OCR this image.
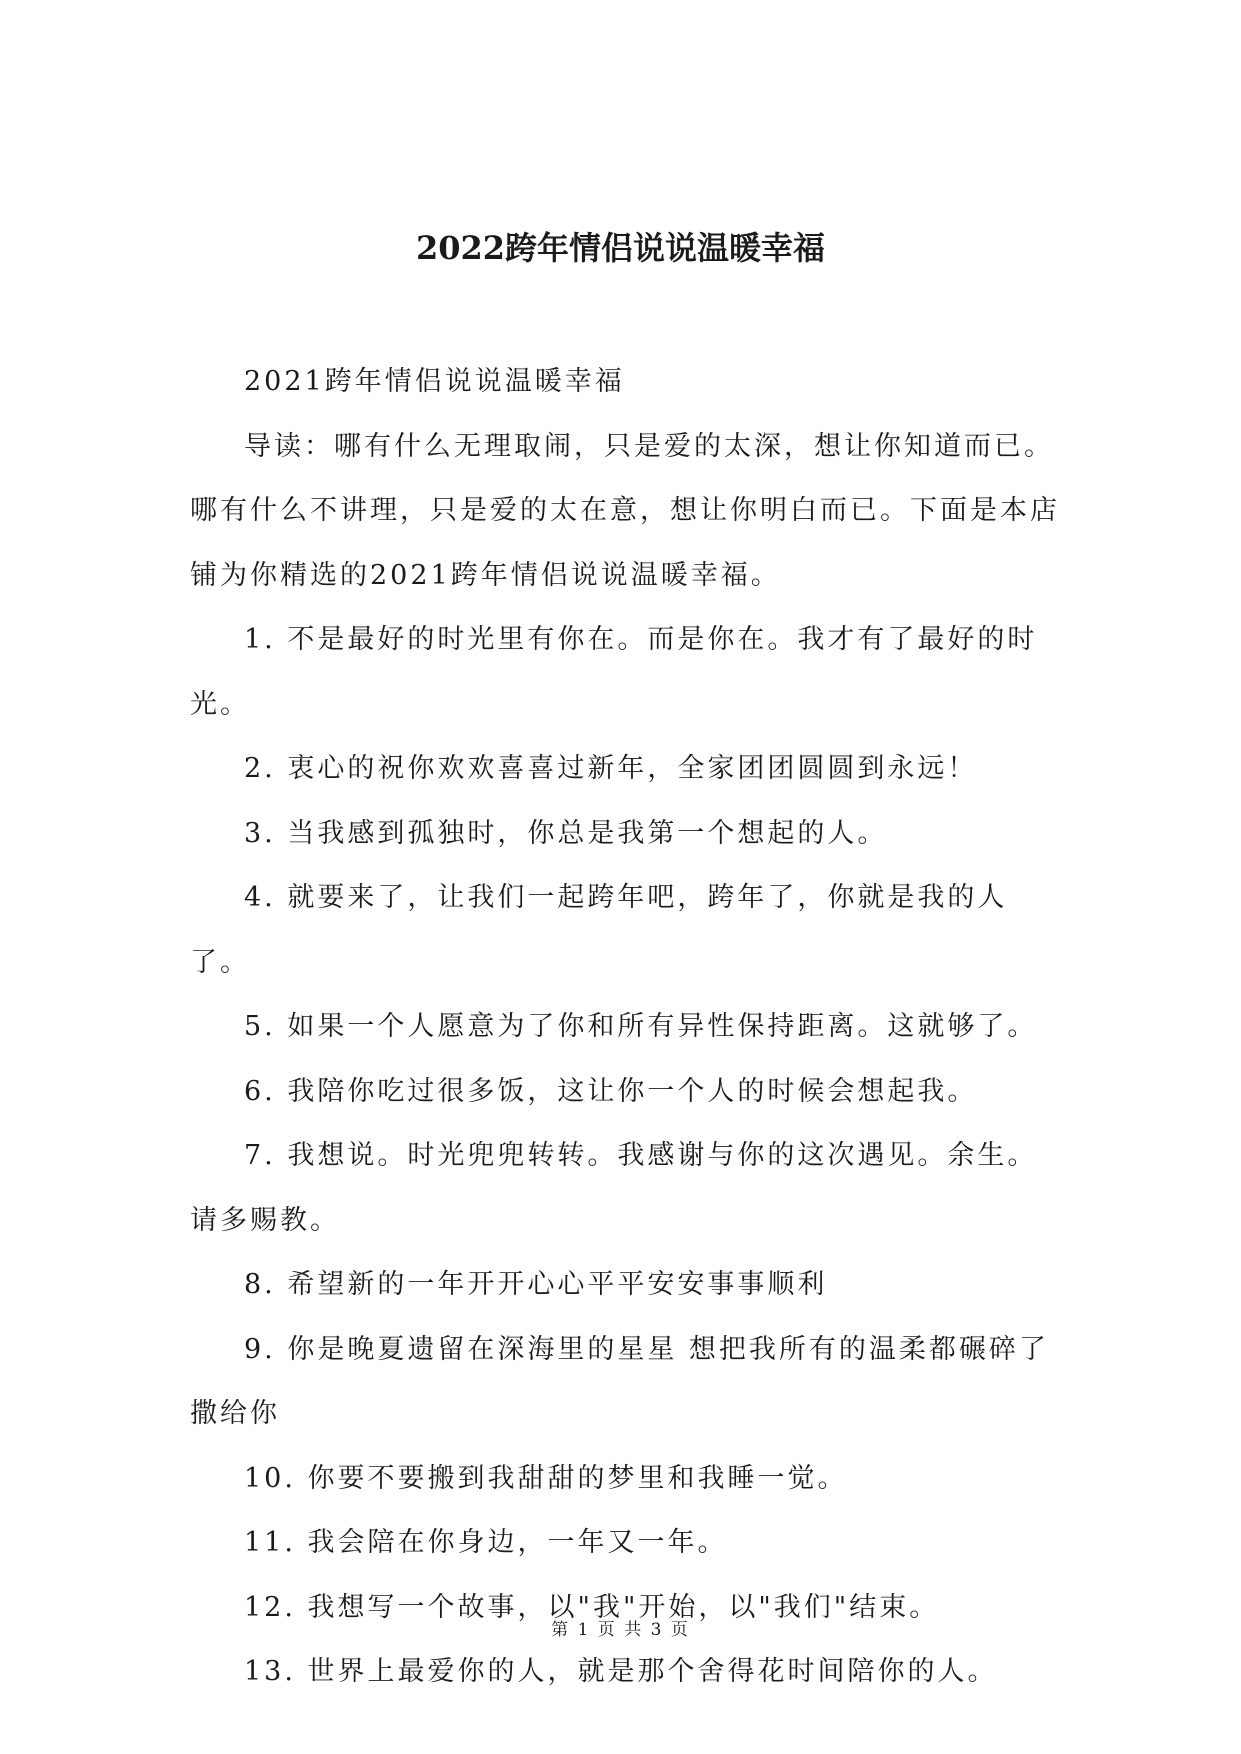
2022跨年情侣说说温暖幸福

2021跨年情侣说说温暖幸福

导读：哪有什么无理取闹，只是爱的太深，想让你知道而已。哪有什么不讲理，只是爱的太在意，想让你明白而已。下面是本店铺为你精选的2021跨年情侣说说温暖幸福。

1. 不是最好的时光里有你在。而是你在。我才有了最好的时光。

2. 衷心的祝你欢欢喜喜过新年，全家团团圆圆到永远！

3. 当我感到孤独时，你总是我第一个想起的人。

4. 就要来了，让我们一起跨年吧，跨年了，你就是我的人了。

5. 如果一个人愿意为了你和所有异性保持距离。这就够了。

6. 我陪你吃过很多饭，这让你一个人的时候会想起我。

7. 我想说。时光兜兜转转。我感谢与你的这次遇见。余生。请多赐教。

8. 希望新的一年开开心心平平安安事事顺利

9. 你是晚夏遗留在深海里的星星 想把我所有的温柔都碾碎了撒给你

10. 你要不要搬到我甜甜的梦里和我睡一觉。

11. 我会陪在你身边，一年又一年。

12. 我想写一个故事，以"我"开始，以"我们"结束。

13. 世界上最爱你的人，就是那个舍得花时间陪你的人。

第 1 页 共 3 页
